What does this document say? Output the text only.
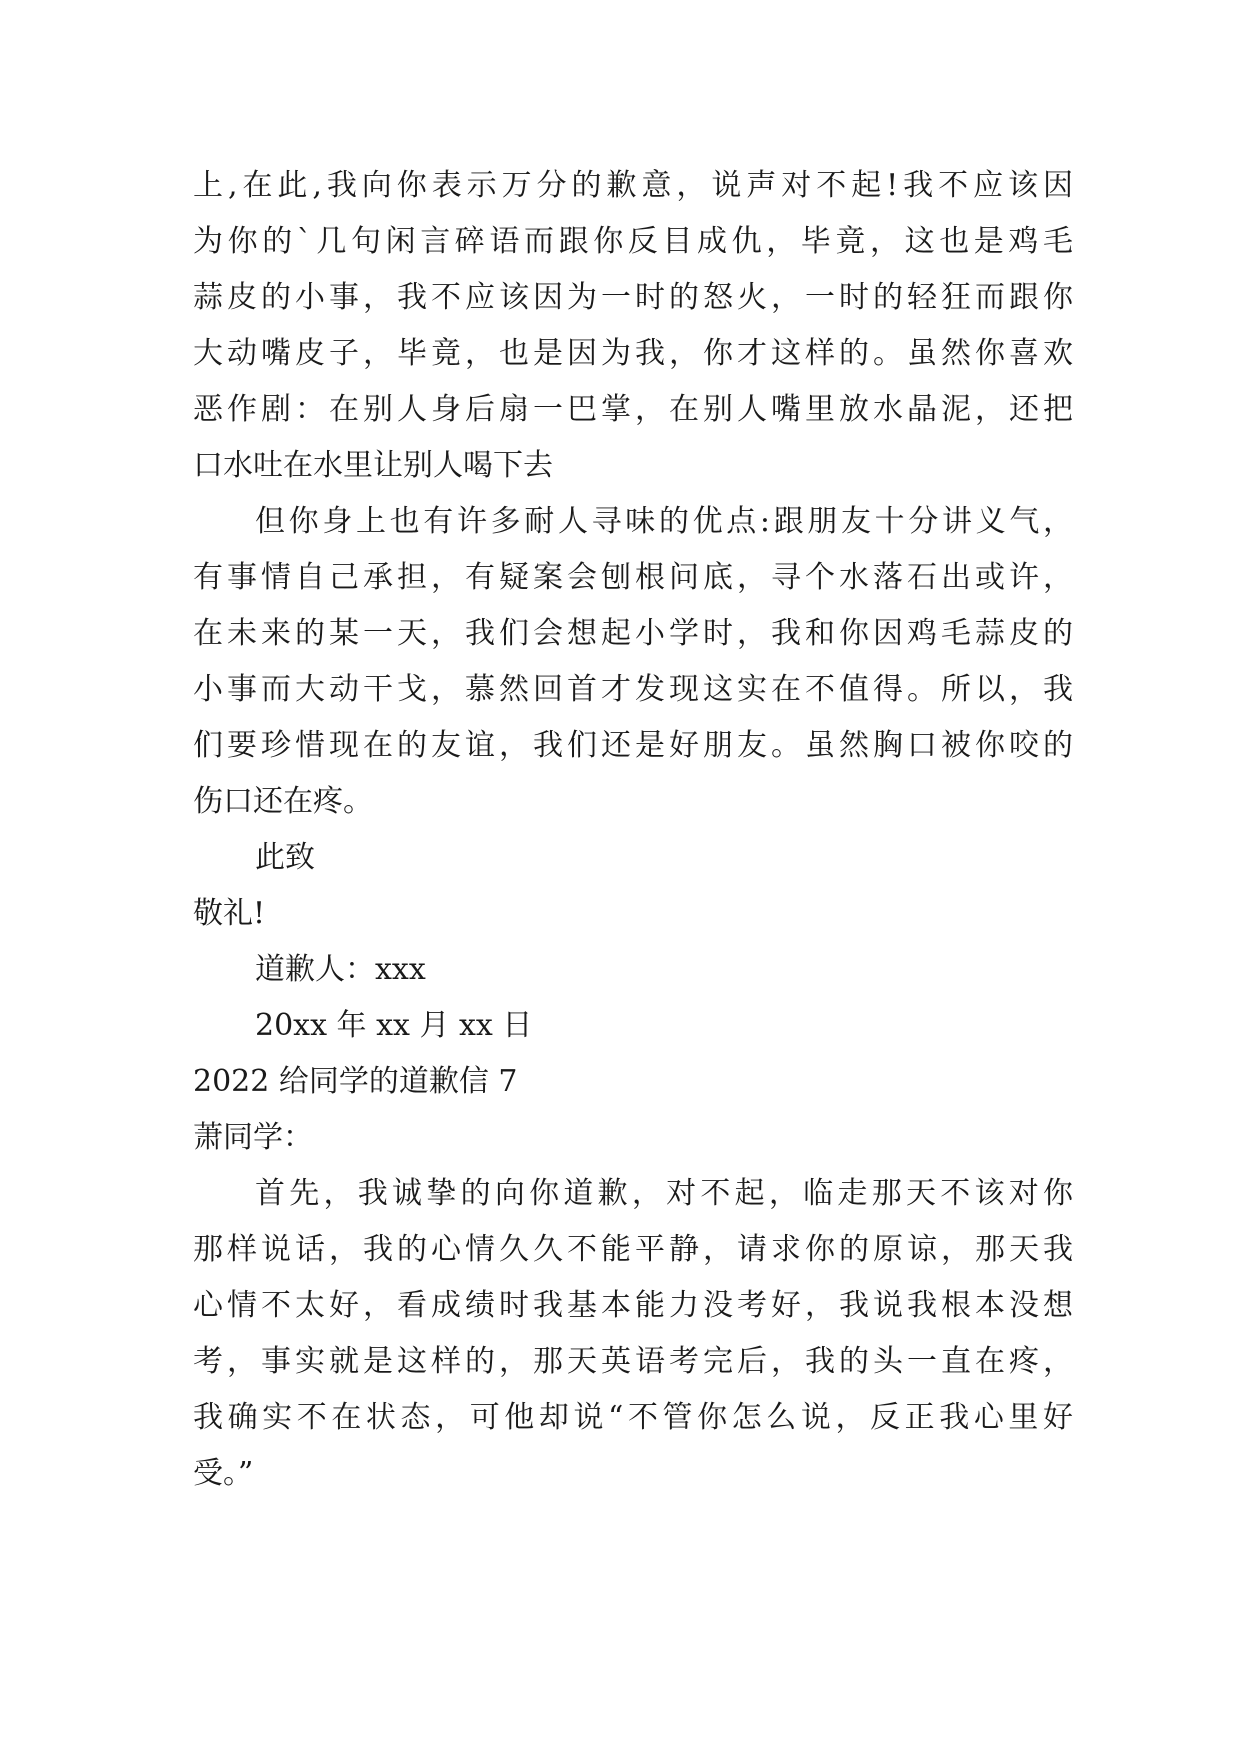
上,在此,我向你表示万分的歉意，说声对不起!我不应该因
为你的`几句闲言碎语而跟你反目成仇，毕竟，这也是鸡毛
蒜皮的小事，我不应该因为一时的怒火，一时的轻狂而跟你
大动嘴皮子，毕竟，也是因为我，你才这样的。虽然你喜欢
恶作剧：在别人身后扇一巴掌，在别人嘴里放水晶泥，还把
口水吐在水里让别人喝下去
但你身上也有许多耐人寻味的优点:跟朋友十分讲义气，
有事情自己承担，有疑案会刨根问底，寻个水落石出或许，
在未来的某一天，我们会想起小学时，我和你因鸡毛蒜皮的
小事而大动干戈，慕然回首才发现这实在不值得。所以，我
们要珍惜现在的友谊，我们还是好朋友。虽然胸口被你咬的
伤口还在疼。
此致
敬礼!
道歉人：xxx
20xx 年 xx 月 xx 日
2022 给同学的道歉信 7
萧同学：
首先，我诚挚的向你道歉，对不起，临走那天不该对你
那样说话，我的心情久久不能平静，请求你的原谅，那天我
心情不太好，看成绩时我基本能力没考好，我说我根本没想
考，事实就是这样的，那天英语考完后，我的头一直在疼，
我确实不在状态，可他却说“不管你怎么说，反正我心里好
受。”
